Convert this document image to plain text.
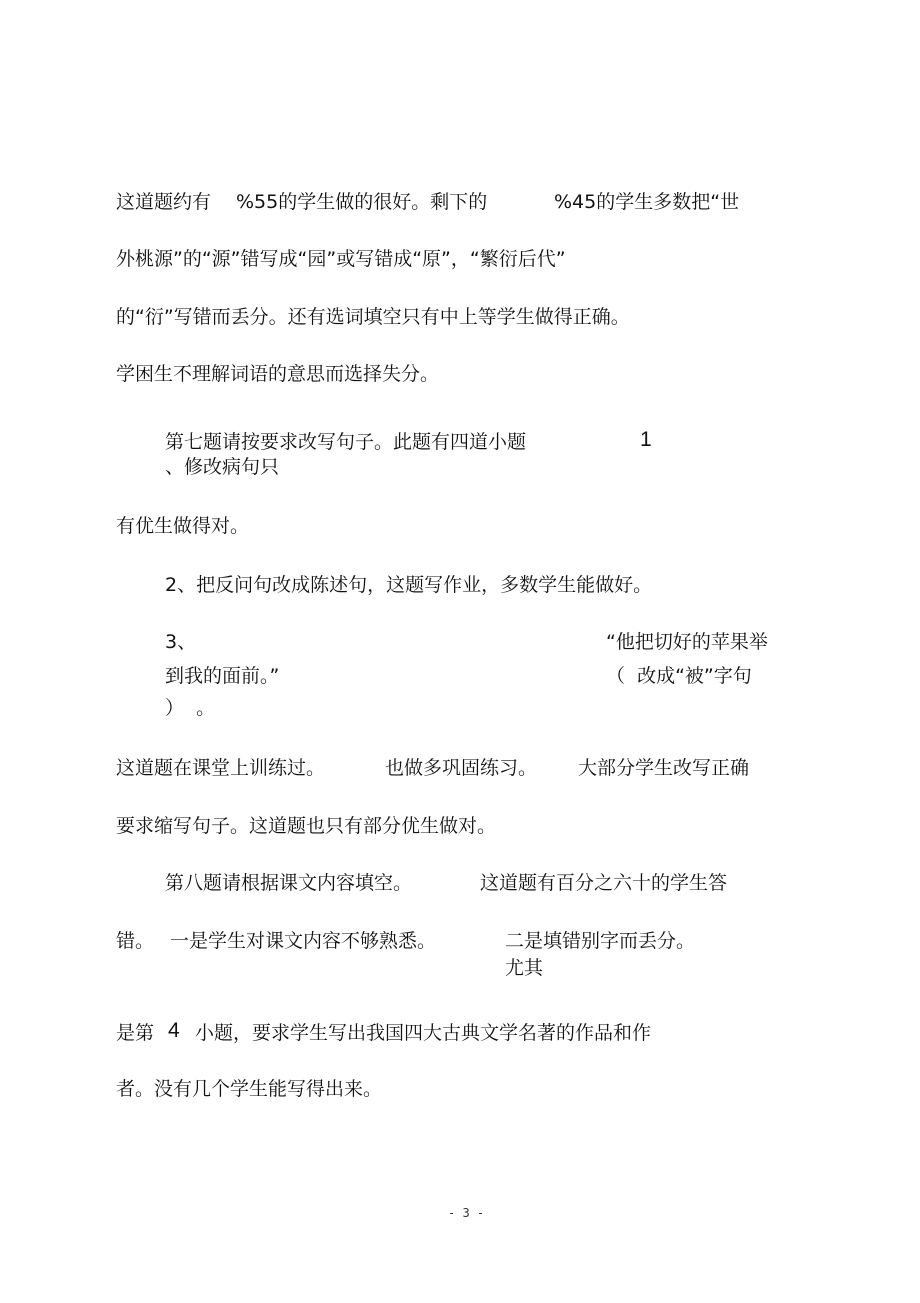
这道题约有 %55的学生做的很好。剩下的	%45的学生多数把“世
外桃源”的“源”错写成“园”或写错成“原”，“繁衍后代”
的“衍”写错而丢分。还有选词填空只有中上等学生做得正确。
学困生不理解词语的意思而选择失分。
第七题请按要求改写句子。此题有四道小题	1
、修改病句只
有优生做得对。
2、把反问句改成陈述句，这题写作业，多数学生能做好。
3、	“他把切好的苹果举
到我的面前。”	（  改成“被”字句
）  。
这道题在课堂上训练过。	也做多巩固练习。 大部分学生改写正确
要求缩写句子。这道题也只有部分优生做对。
第八题请根据课文内容填空。	这道题有百分之六十的学生答
错。 一是学生对课文内容不够熟悉。	二是填错别字而丢分。
尤其
是第 4 小题，要求学生写出我国四大古典文学名著的作品和作
者。没有几个学生能写得出来。
- 3 -
